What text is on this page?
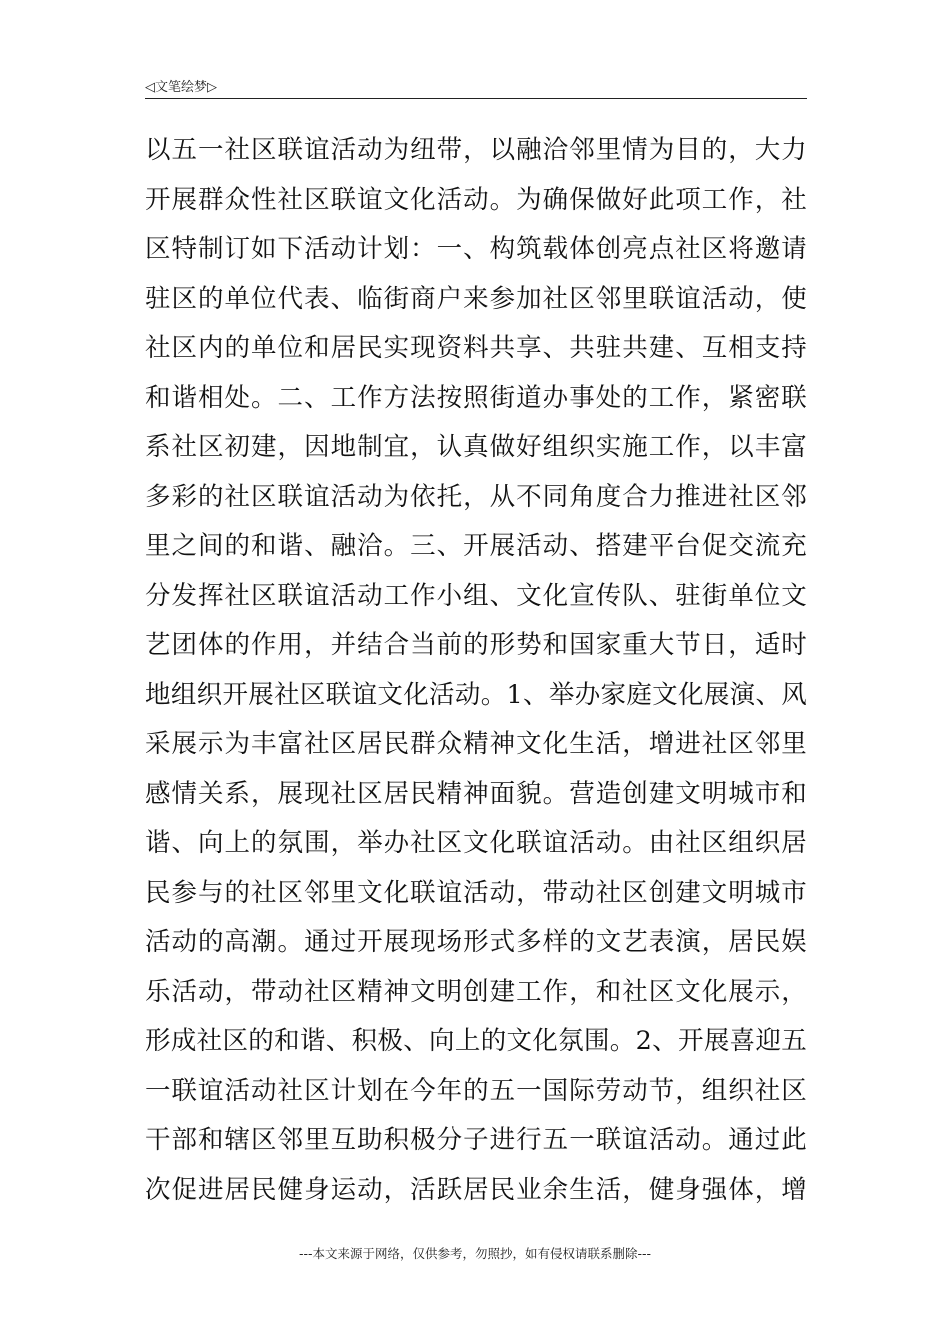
◁文笔绘梦▷
以五一社区联谊活动为纽带，以融洽邻里情为目的，大力
开展群众性社区联谊文化活动。为确保做好此项工作，社
区特制订如下活动计划：一、构筑载体创亮点社区将邀请
驻区的单位代表、临街商户来参加社区邻里联谊活动，使
社区内的单位和居民实现资料共享、共驻共建、互相支持
和谐相处。二、工作方法按照街道办事处的工作，紧密联
系社区初建，因地制宜，认真做好组织实施工作，以丰富
多彩的社区联谊活动为依托，从不同角度合力推进社区邻
里之间的和谐、融洽。三、开展活动、搭建平台促交流充
分发挥社区联谊活动工作小组、文化宣传队、驻街单位文
艺团体的作用，并结合当前的形势和国家重大节日，适时
地组织开展社区联谊文化活动。1、举办家庭文化展演、风
采展示为丰富社区居民群众精神文化生活，增进社区邻里
感情关系，展现社区居民精神面貌。营造创建文明城市和
谐、向上的氛围，举办社区文化联谊活动。由社区组织居
民参与的社区邻里文化联谊活动，带动社区创建文明城市
活动的高潮。通过开展现场形式多样的文艺表演，居民娱
乐活动，带动社区精神文明创建工作，和社区文化展示，
形成社区的和谐、积极、向上的文化氛围。2、开展喜迎五
一联谊活动社区计划在今年的五一国际劳动节，组织社区
干部和辖区邻里互助积极分子进行五一联谊活动。通过此
次促进居民健身运动，活跃居民业余生活，健身强体，增
---本文来源于网络，仅供参考，勿照抄，如有侵权请联系删除---
